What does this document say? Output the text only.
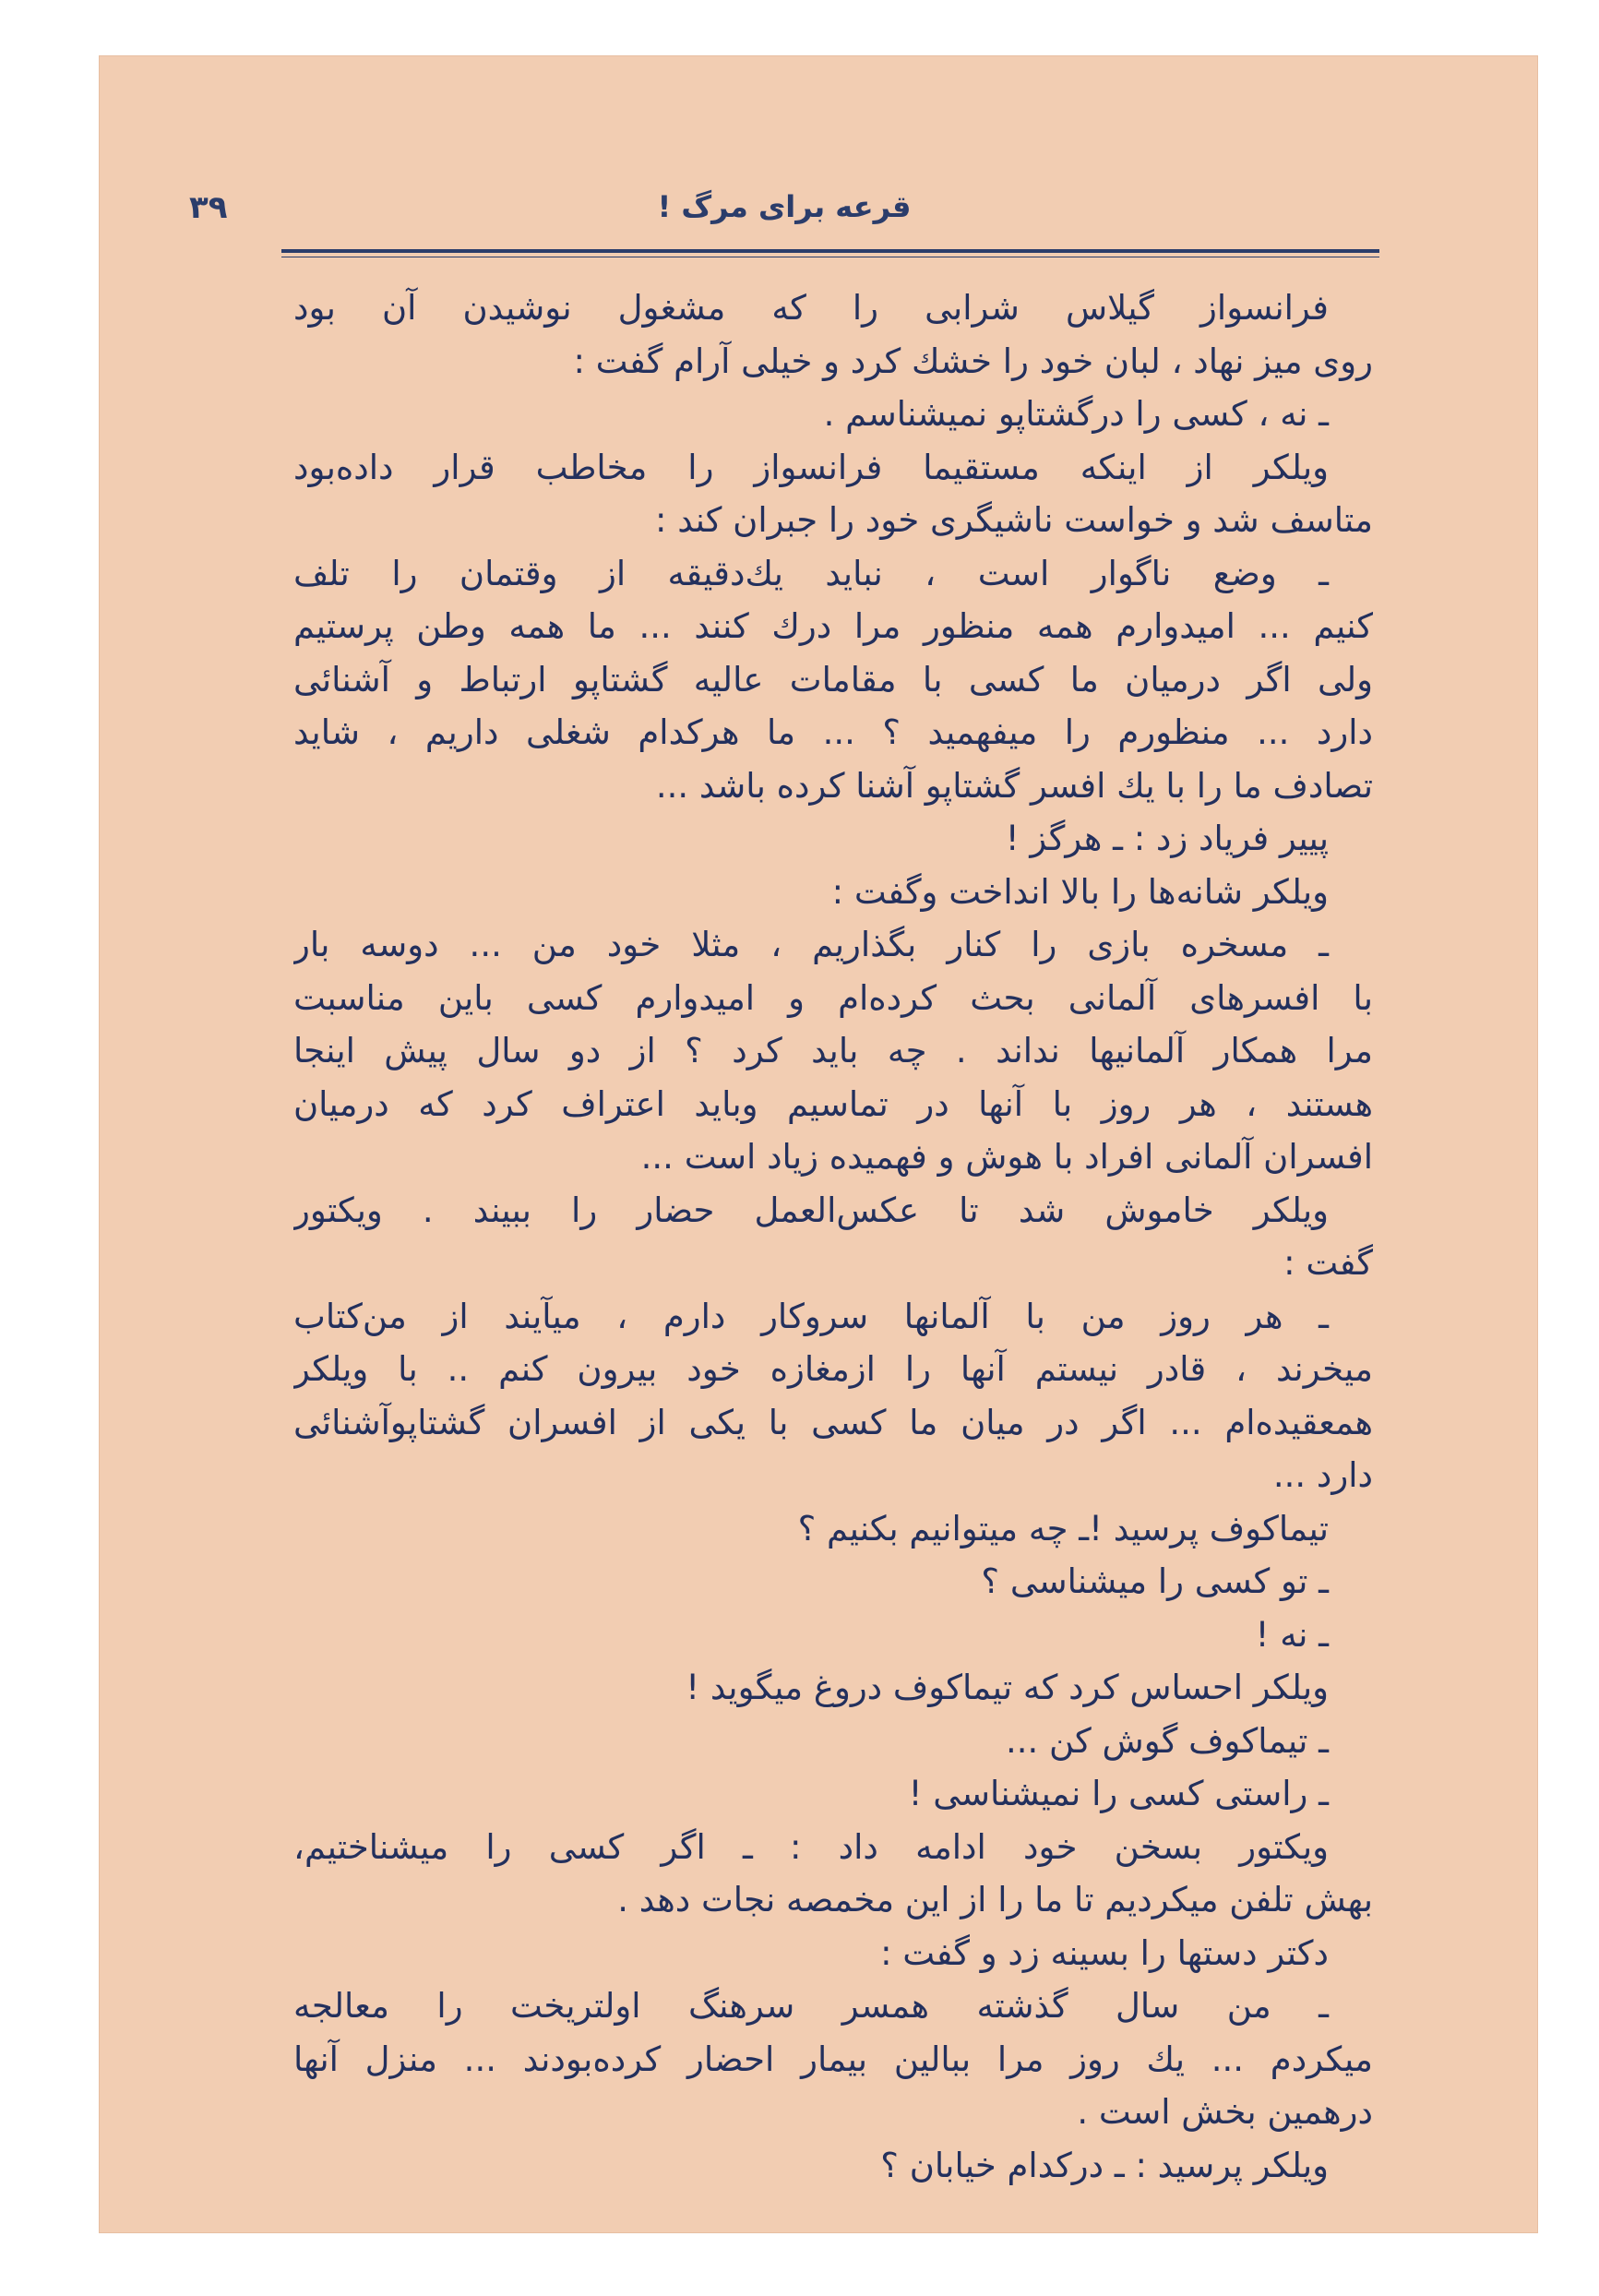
۳۹	قرعه برای مرگ !
فرانسواز گیلاس شرابی را که مشغول نوشیدن آن بود
روی میز نهاد ، لبان خود را خشك کرد و خیلی آرام گفت :
ـ نه ، کسی را درگشتاپو نمیشناسم .
ویلکر از اینکه مستقیما فرانسواز را مخاطب قرار داده‌بود
متاسف شد و خواست ناشیگری خود را جبران کند :
ـ وضع ناگوار است ، نباید یك‌دقیقه از وقتمان را تلف
کنیم ... امیدوارم همه منظور مرا درك کنند ... ما همه وطن پرستیم
ولی اگر درمیان ما کسی با مقامات عالیه گشتاپو ارتباط و آشنائی
دارد ... منظورم را میفهمید ؟ ... ما هرکدام شغلی داریم ، شاید
تصادف ما را با یك افسر گشتاپو آشنا کرده باشد ...
پییر فریاد زد : ـ هرگز !
ویلکر شانه‌ها را بالا انداخت وگفت :
ـ مسخره بازی را کنار بگذاریم ، مثلا خود من ... دوسه بار
با افسرهای آلمانی بحث کرده‌ام و امیدوارم کسی باین مناسبت
مرا همکار آلمانیها نداند . چه باید کرد ؟ از دو سال پیش اینجا
هستند ، هر روز با آنها در تماسیم وباید اعتراف کرد که درمیان
افسران آلمانی افراد با هوش و فهمیده زیاد است ...
ویلکر خاموش شد تا عکس‌العمل حضار را ببیند . ویکتور
گفت :
ـ هر روز من با آلمانها سروکار دارم ، میآیند از من‌کتاب
میخرند ، قادر نیستم آنها را ازمغازه خود بیرون کنم .. با ویلکر
همعقیده‌ام ... اگر در میان ما کسی با یکی از افسران گشتاپوآشنائی
دارد ...
تیماکوف پرسید !ـ چه میتوانیم بکنیم ؟
ـ تو کسی را میشناسی ؟
ـ نه !
ویلکر احساس کرد که تیماکوف دروغ میگوید !
ـ تیماکوف گوش کن ...
ـ راستی کسی را نمیشناسی !
ویکتور بسخن خود ادامه داد : ـ اگر کسی را میشناختیم،
بهش تلفن میکردیم تا ما را از این مخمصه نجات دهد .
دکتر دستها را بسینه زد و گفت :
ـ من سال گذشته همسر سرهنگ اولتریخت را معالجه
میکردم ... یك روز مرا ببالین بیمار احضار کرده‌بودند ... منزل آنها
درهمین بخش است .
ویلکر پرسید : ـ درکدام خیابان ؟
